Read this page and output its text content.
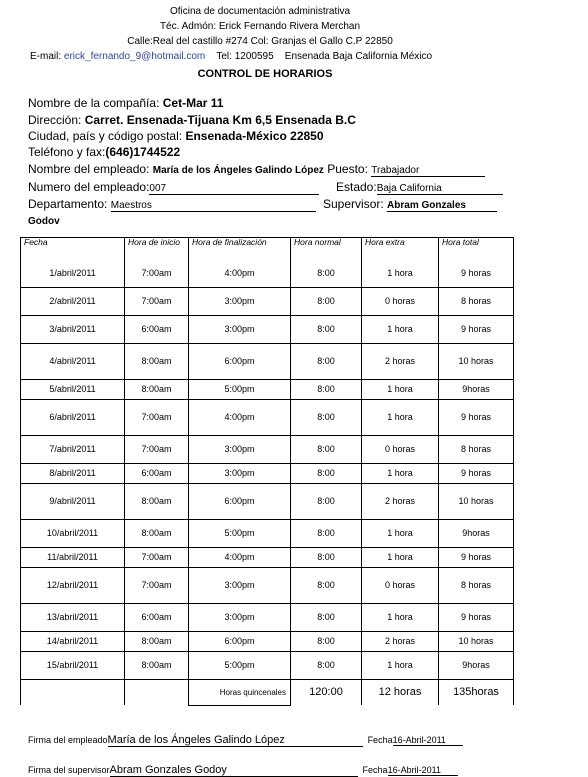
Oficina de documentación administrativa
Téc. Admón: Erick Fernando Rivera Merchan
Calle:Real del castillo #274 Col: Granjas el Gallo C.P 22850
E-mail: erick_fernando_9@hotmail.com Tel: 1200595 Ensenada Baja California México
CONTROL DE HORARIOS
Nombre de la compañía: Cet-Mar 11
Dirección: Carret. Ensenada-Tijuana Km 6,5 Ensenada B.C
Ciudad, país y código postal: Ensenada-México 22850
Teléfono y fax:(646)1744522
Nombre del empleado: María de los Ángeles Galindo López Puesto: Trabajador
Numero del empleado:007	Estado:Baja California
Departamento: Maestros	Supervisor: Abram Gonzales
Godov
Fecha	Hora de inicio	Hora de finalización	Hora normal	Hora extra	Hora total
1/abril/2011	7:00am	4:00pm	8:00	1 hora	9 horas
2/abril/2011	7:00am	3:00pm	8:00	0 horas	8 horas
3/abril/2011	6:00am	3:00pm	8:00	1 hora	9 horas
4/abril/2011	8:00am	6:00pm	8:00	2 horas	10 horas
5/abril/2011	8:00am	5:00pm	8:00	1 hora	9horas
6/abril/2011	7:00am	4:00pm	8:00	1 hora	9 horas
7/abril/2011	7:00am	3:00pm	8:00	0 horas	8 horas
8/abril/2011	6:00am	3:00pm	8:00	1 hora	9 horas
9/abril/2011	8:00am	6:00pm	8:00	2 horas	10 horas
10/abril/2011	8:00am	5:00pm	8:00	1 hora	9horas
11/abril/2011	7:00am	4:00pm	8:00	1 hora	9 horas
12/abril/2011	7:00am	3:00pm	8:00	0 horas	8 horas
13/abril/2011	6:00am	3:00pm	8:00	1 hora	9 horas
14/abril/2011	8:00am	6:00pm	8:00	2 horas	10 horas
15/abril/2011	8:00am	5:00pm	8:00	1 hora	9horas
		Horas quincenales	120:00	12 horas	135horas
Firma del empleadoMaría de los Ángeles Galindo López	Fecha16-Abril-2011
Firma del supervisorAbram Gonzales Godoy	Fecha16-Abril-2011
